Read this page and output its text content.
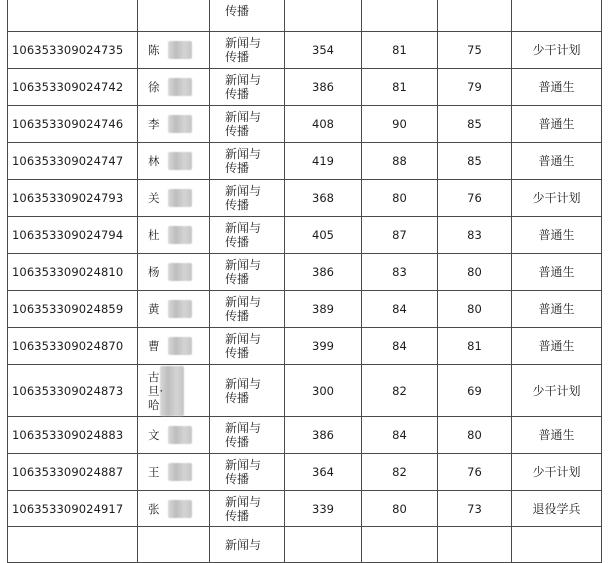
		传播				

106353309024735	陈	新闻与
传播	354	81	75	少干计划
106353309024742	徐	新闻与
传播	386	81	79	普通生
106353309024746	李	新闻与
传播	408	90	85	普通生
106353309024747	林	新闻与
传播	419	88	85	普通生
106353309024793	关	新闻与
传播	368	80	76	少干计划
106353309024794	杜	新闻与
传播	405	87	83	普通生
106353309024810	杨	新闻与
传播	386	83	80	普通生
106353309024859	黄	新闻与
传播	389	84	80	普通生
106353309024870	曹	新闻与
传播	399	84	81	普通生
106353309024873	古
旦·
哈	新闻与
传播	300	82	69	少干计划
106353309024883	文	新闻与
传播	386	84	80	普通生
106353309024887	王	新闻与
传播	364	82	76	少干计划
106353309024917	张	新闻与
传播	339	80	73	退役学兵

		新闻与				
